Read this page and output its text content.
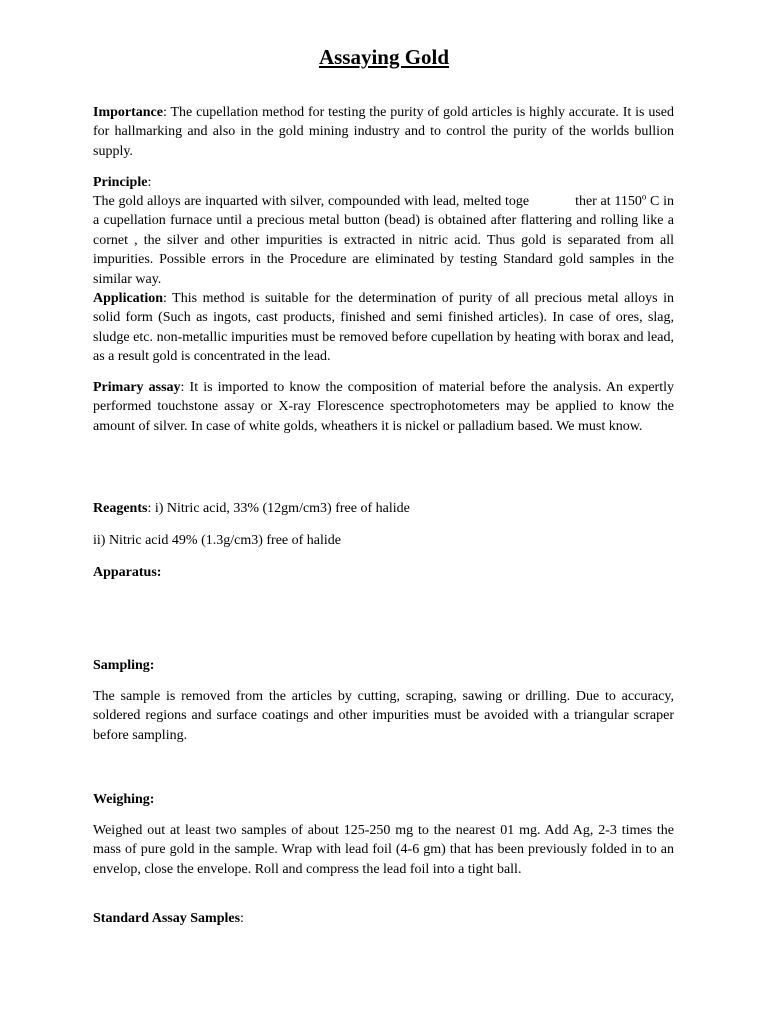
Assaying Gold
Importance: The cupellation method for testing the purity of gold articles is highly accurate. It is used for hallmarking and also in the gold mining industry and to control the purity of the worlds bullion supply.
Principle:
The gold alloys are inquarted with silver, compounded with lead, melted toge	ther at 1150$^o$ C in a cupellation furnace until a precious metal button (bead) is obtained after flattering and rolling like a cornet , the silver and other impurities is extracted in nitric acid. Thus gold is separated from all impurities. Possible errors in the Procedure are eliminated by testing Standard gold samples in the similar way.
Application: This method is suitable for the determination of purity of all precious metal alloys in solid form (Such as ingots, cast products, finished and semi finished articles). In case of ores, slag, sludge etc. non-metallic impurities must be removed before cupellation by heating with borax and lead, as a result gold is concentrated in the lead.
Primary assay: It is imported to know the composition of material before the analysis. An expertly performed touchstone assay or X-ray Florescence spectrophotometers may be applied to know the amount of silver. In case of white golds, wheathers it is nickel or palladium based. We must know.
Reagents: i) Nitric acid, 33% (12gm/cm3) free of halide
ii) Nitric acid 49% (1.3g/cm3) free of halide
Apparatus:
Sampling:
The sample is removed from the articles by cutting, scraping, sawing or drilling. Due to accuracy, soldered regions and surface coatings and other impurities must be avoided with a triangular scraper before sampling.
Weighing:
Weighed out at least two samples of about 125-250 mg to the nearest 01 mg. Add Ag, 2-3 times the mass of pure gold in the sample. Wrap with lead foil (4-6 gm) that has been previously folded in to an envelop, close the envelope. Roll and compress the lead foil into a tight ball.
Standard Assay Samples:
